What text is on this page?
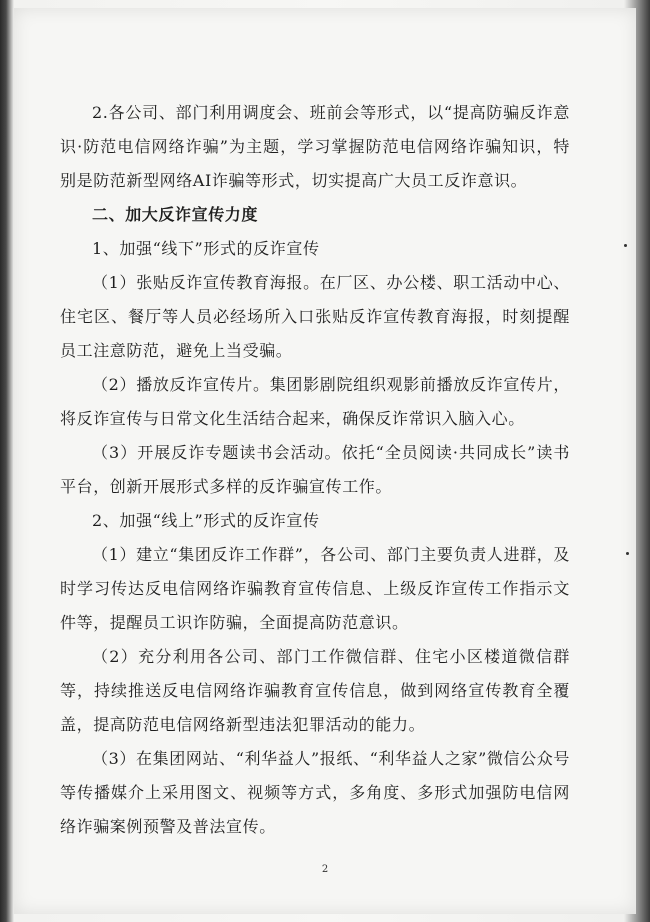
2.各公司、部门利用调度会、班前会等形式，以“提高防骗反诈意识·防范电信网络诈骗”为主题，学习掌握防范电信网络诈骗知识，特别是防范新型网络AI诈骗等形式，切实提高广大员工反诈意识。

二、加大反诈宣传力度

1、加强“线下”形式的反诈宣传

（1）张贴反诈宣传教育海报。在厂区、办公楼、职工活动中心、住宅区、餐厅等人员必经场所入口张贴反诈宣传教育海报，时刻提醒员工注意防范，避免上当受骗。

（2）播放反诈宣传片。集团影剧院组织观影前播放反诈宣传片，将反诈宣传与日常文化生活结合起来，确保反诈常识入脑入心。

（3）开展反诈专题读书会活动。依托“全员阅读·共同成长”读书平台，创新开展形式多样的反诈骗宣传工作。

2、加强“线上”形式的反诈宣传

（1）建立“集团反诈工作群”，各公司、部门主要负责人进群，及时学习传达反电信网络诈骗教育宣传信息、上级反诈宣传工作指示文件等，提醒员工识诈防骗，全面提高防范意识。

（2）充分利用各公司、部门工作微信群、住宅小区楼道微信群等，持续推送反电信网络诈骗教育宣传信息，做到网络宣传教育全覆盖，提高防范电信网络新型违法犯罪活动的能力。

（3）在集团网站、“利华益人”报纸、“利华益人之家”微信公众号等传播媒介上采用图文、视频等方式，多角度、多形式加强防电信网络诈骗案例预警及普法宣传。

2
